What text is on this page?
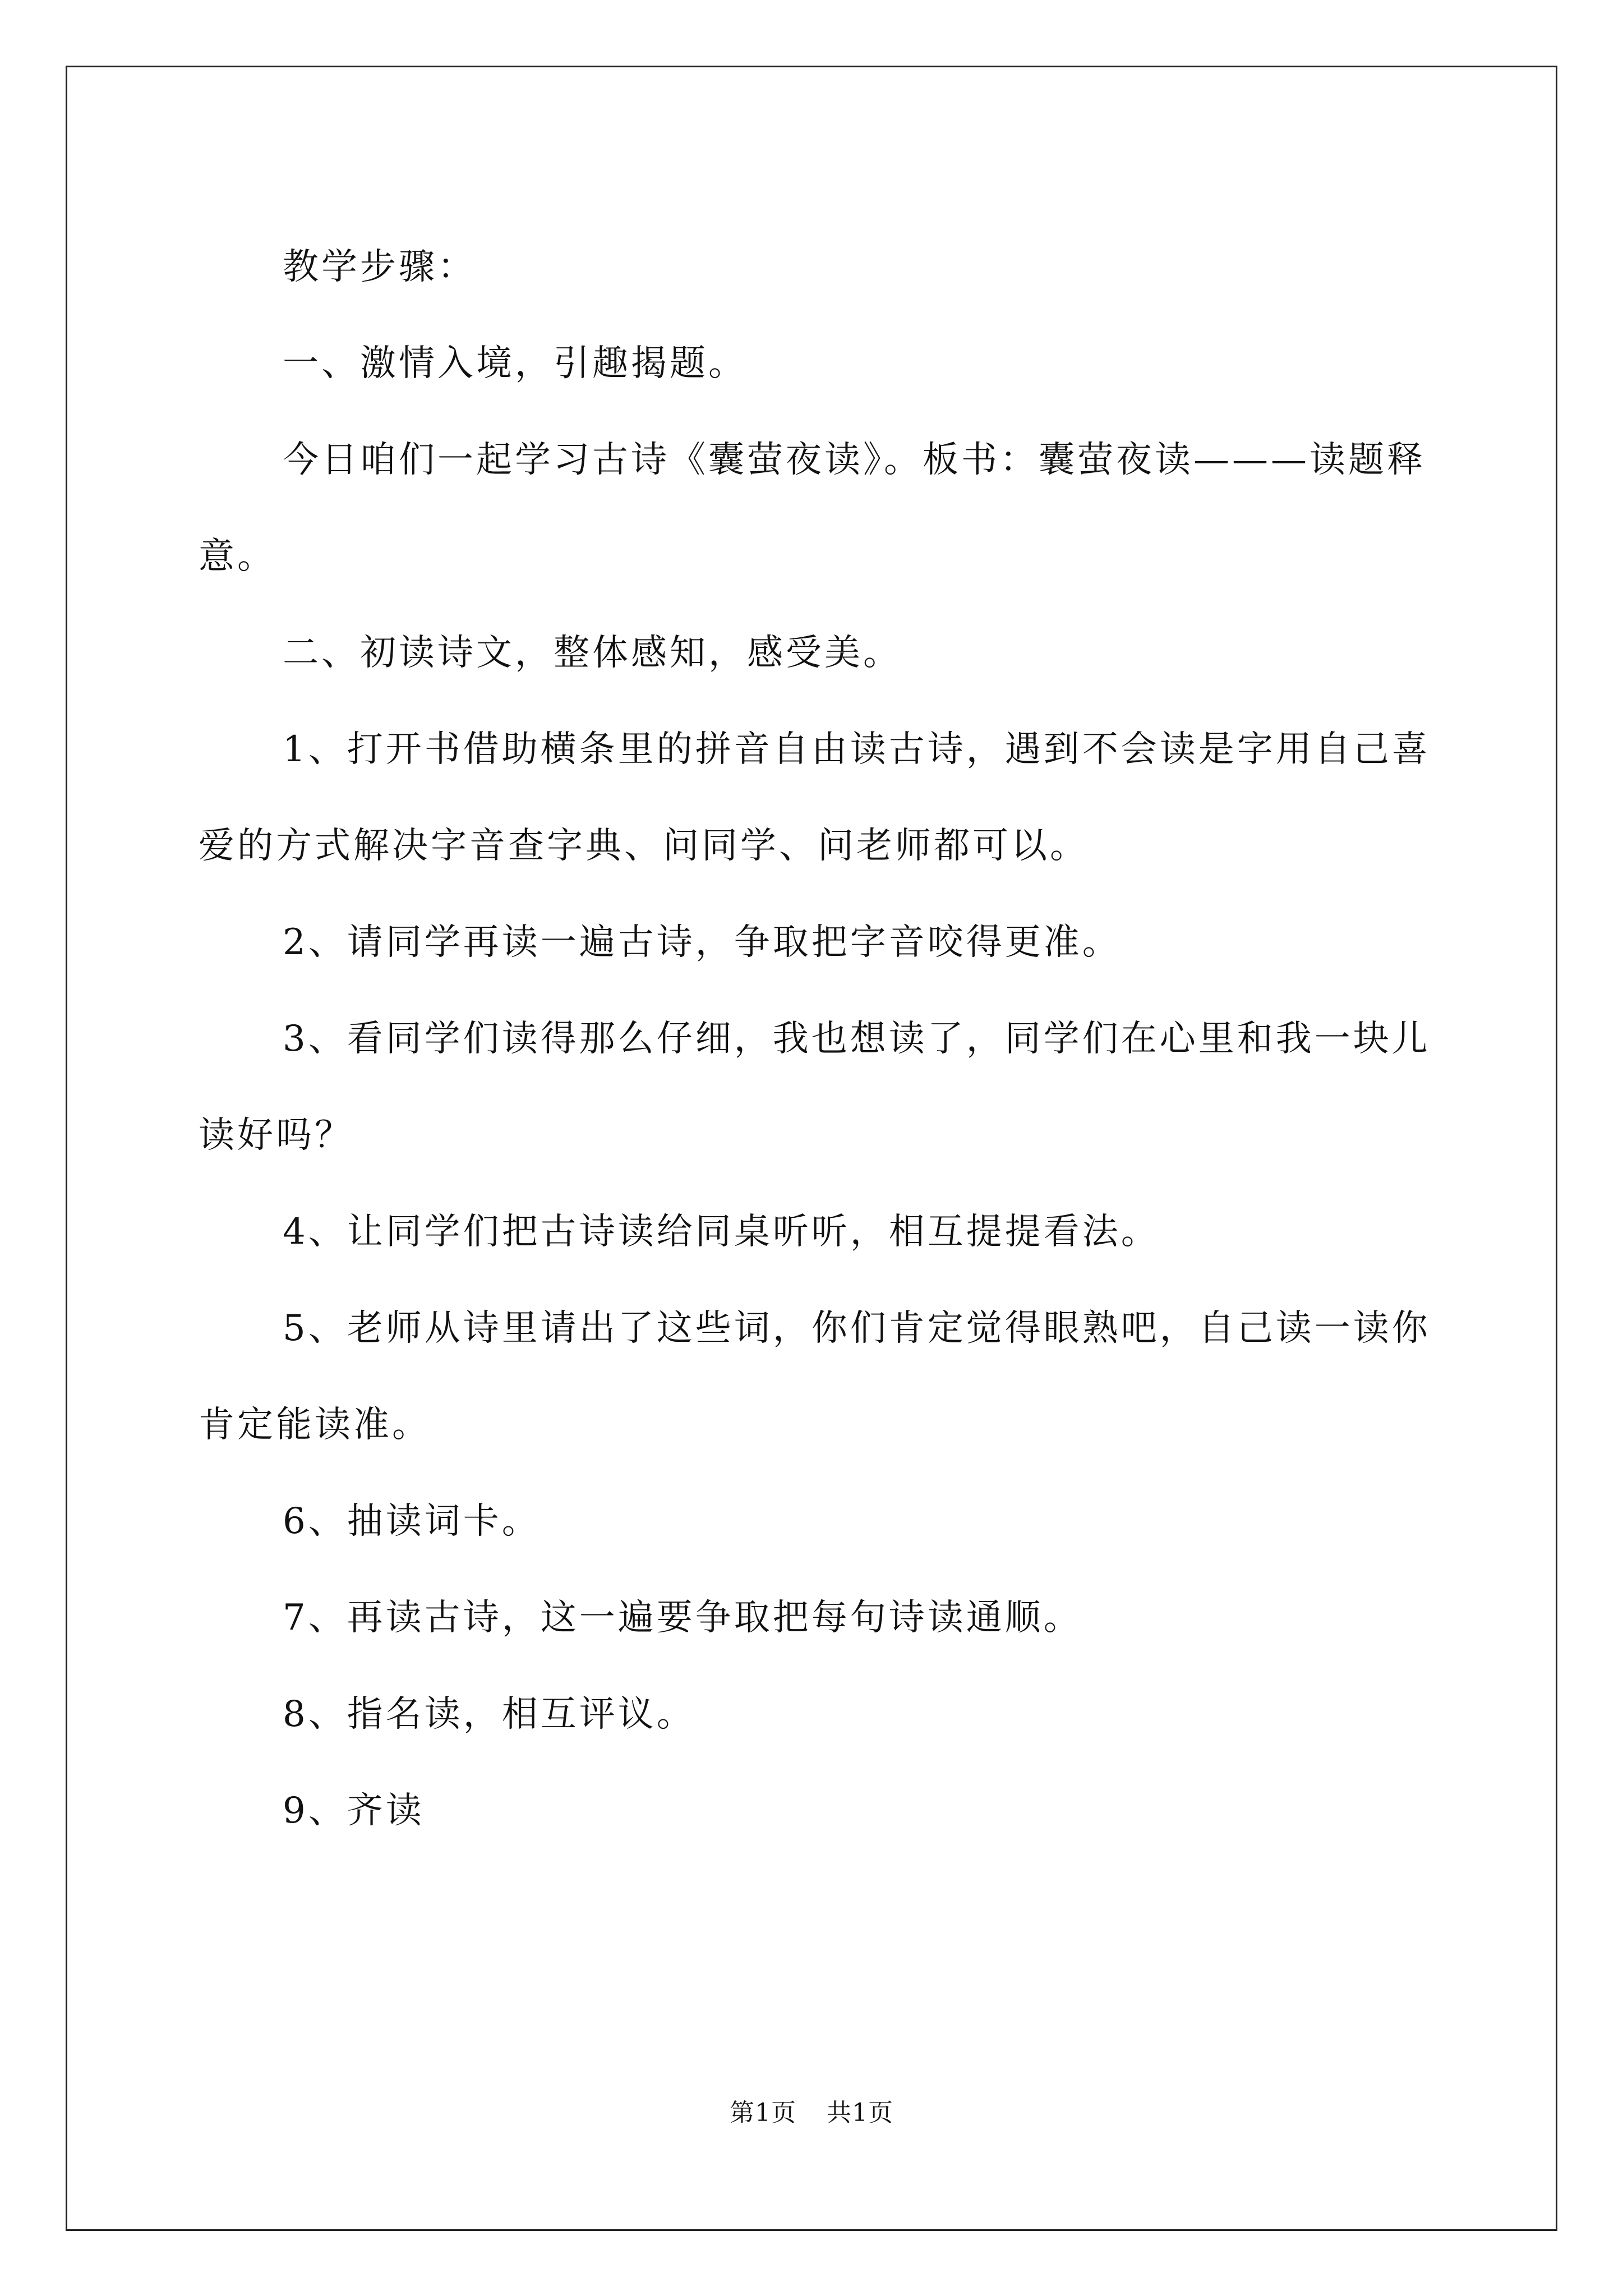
教学步骤：

一、激情入境，引趣揭题。

今日咱们一起学习古诗《囊萤夜读》。板书：囊萤夜读———读题释意。

二、初读诗文，整体感知，感受美。

1、打开书借助横条里的拼音自由读古诗，遇到不会读是字用自己喜爱的方式解决字音查字典、问同学、问老师都可以。

2、请同学再读一遍古诗，争取把字音咬得更准。

3、看同学们读得那么仔细，我也想读了，同学们在心里和我一块儿读好吗？

4、让同学们把古诗读给同桌听听，相互提提看法。

5、老师从诗里请出了这些词，你们肯定觉得眼熟吧，自己读一读你肯定能读准。

6、抽读词卡。

7、再读古诗，这一遍要争取把每句诗读通顺。

8、指名读，相互评议。

9、齐读

第1页 共1页
